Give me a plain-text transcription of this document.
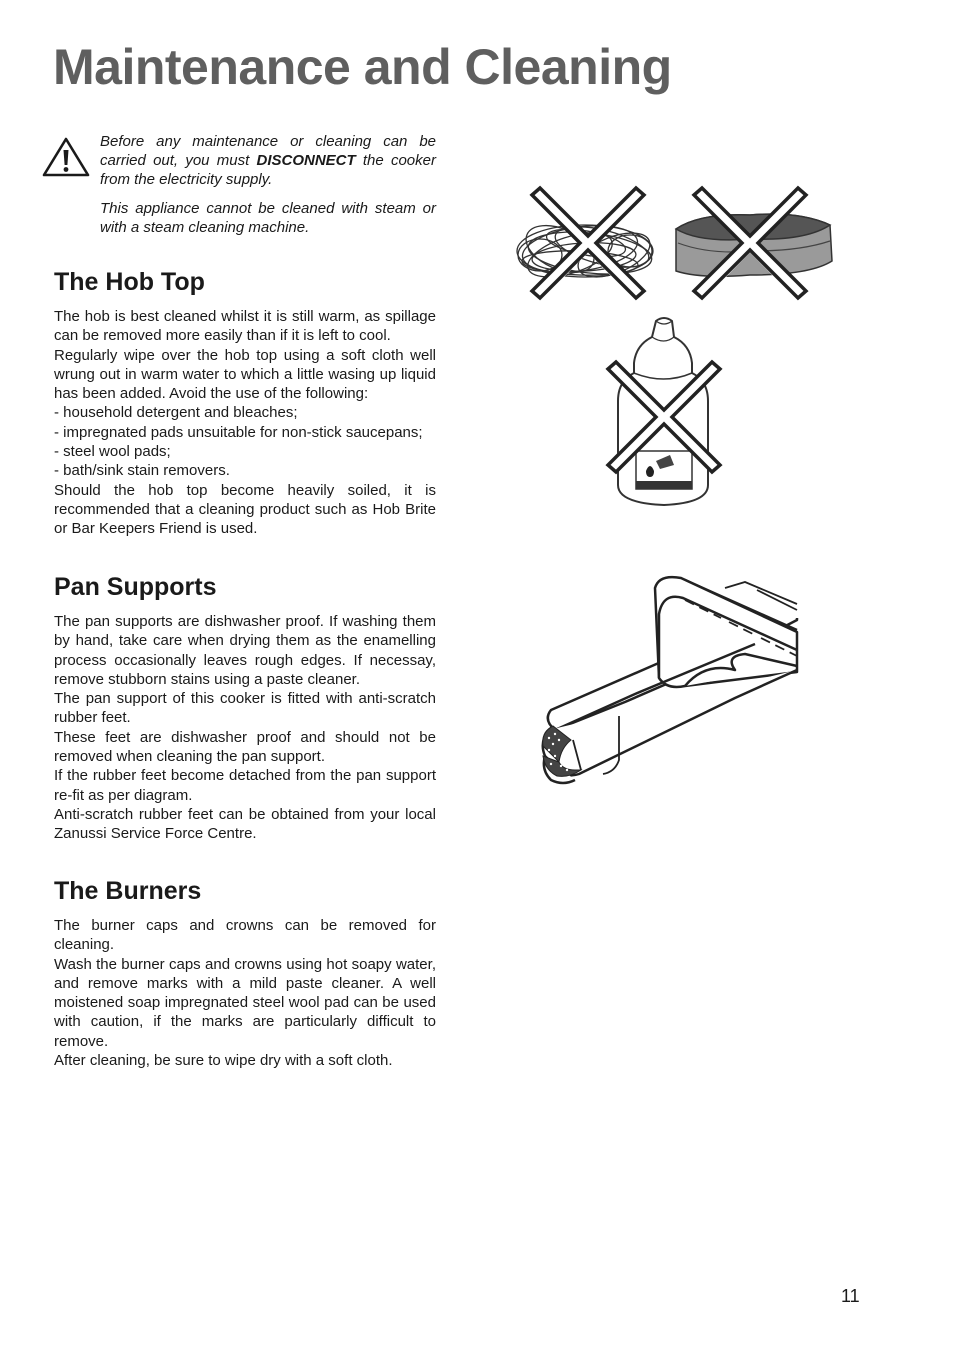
Maintenance and Cleaning

Before any maintenance or cleaning can be carried out, you must DISCONNECT the cooker from the electricity supply.

This appliance cannot be cleaned with steam or with a steam cleaning machine.

The Hob Top
The hob is best cleaned whilst it is still warm, as spillage can be removed more easily than if it is left to cool.
Regularly wipe over the hob top using a soft cloth well wrung out in warm water to which a little wasing up liquid has been added. Avoid the use of the following:
- household detergent and bleaches;
- impregnated pads unsuitable for non-stick saucepans;
- steel wool pads;
- bath/sink stain removers.
Should the hob top become heavily soiled, it is recommended that a cleaning product such as Hob Brite or Bar Keepers Friend is used.
Pan Supports
The pan supports are dishwasher proof. If washing them by hand, take care when drying them as the enamelling process occasionally leaves rough edges. If necessay, remove stubborn stains using a paste cleaner.
The pan support of this cooker is fitted with anti-scratch rubber feet.
These feet are dishwasher proof and should not be removed when cleaning the pan support.
If the rubber feet become detached from the pan support re-fit as per diagram.
Anti-scratch rubber feet can be obtained from your local Zanussi Service Force Centre.
The Burners
The burner caps and crowns can be removed for cleaning.
Wash the burner caps and crowns using hot soapy water, and remove marks with a mild paste cleaner. A well moistened soap impregnated steel wool pad can be used with caution, if the marks are particularly difficult to remove.
After cleaning, be sure to wipe dry with a soft cloth.
11
